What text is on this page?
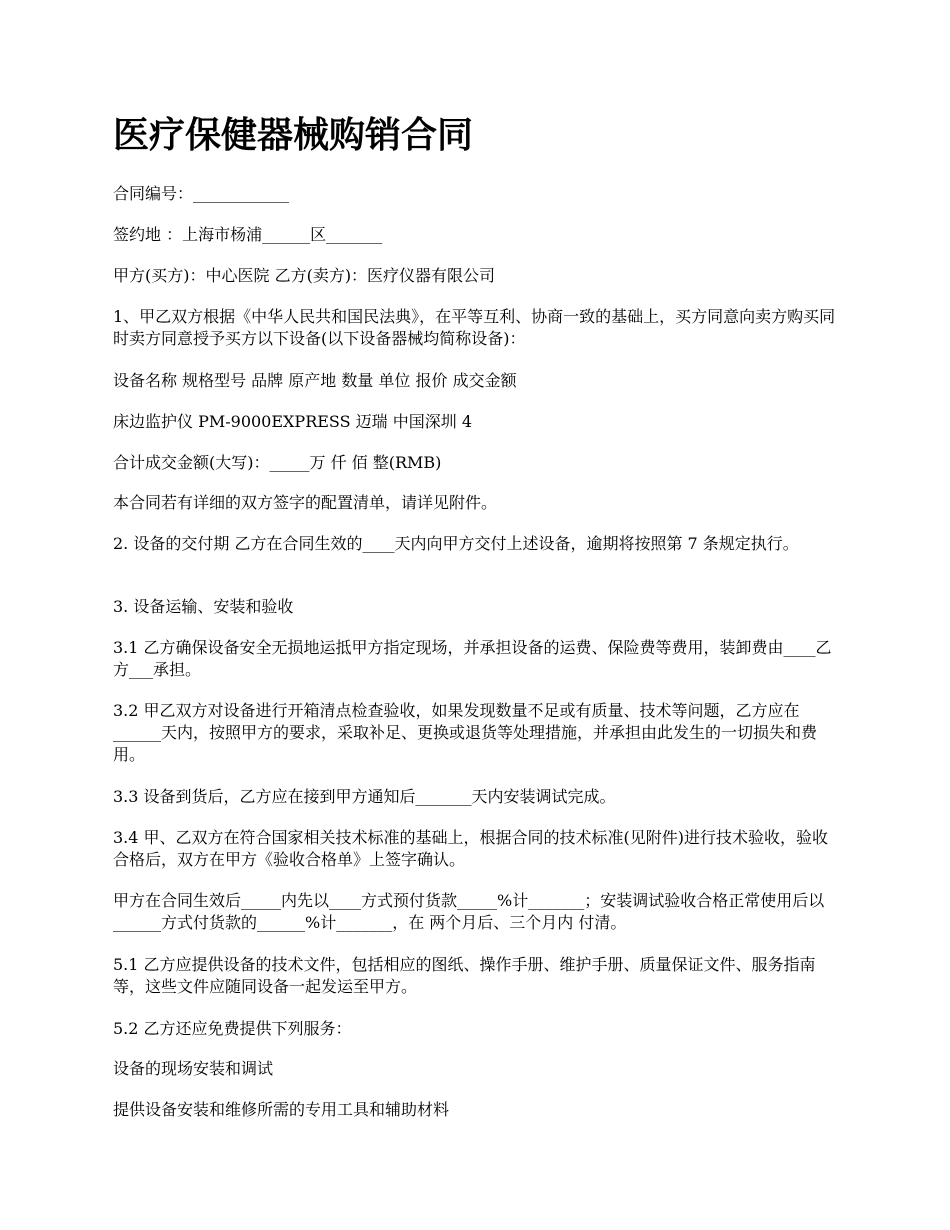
医疗保健器械购销合同

合同编号：____________

签约地 ：上海市杨浦______区_______

甲方(买方)：中心医院 乙方(卖方)：医疗仪器有限公司

1、甲乙双方根据《中华人民共和国民法典》，在平等互利、协商一致的基础上，买方同意向卖方购买同时卖方同意授予买方以下设备(以下设备器械均简称设备)：

设备名称 规格型号 品牌 原产地 数量 单位 报价 成交金额

床边监护仪 PM-9000EXPRESS 迈瑞 中国深圳 4

合计成交金额(大写)：_____万 仟 佰 整(RMB)

本合同若有详细的双方签字的配置清单，请详见附件。

2. 设备的交付期 乙方在合同生效的____天内向甲方交付上述设备，逾期将按照第 7 条规定执行。

3. 设备运输、安装和验收

3.1 乙方确保设备安全无损地运抵甲方指定现场，并承担设备的运费、保险费等费用，装卸费由____乙方___承担。

3.2 甲乙双方对设备进行开箱清点检查验收，如果发现数量不足或有质量、技术等问题，乙方应在______天内，按照甲方的要求，采取补足、更换或退货等处理措施，并承担由此发生的一切损失和费用。

3.3 设备到货后，乙方应在接到甲方通知后_______天内安装调试完成。

3.4 甲、乙双方在符合国家相关技术标准的基础上，根据合同的技术标准(见附件)进行技术验收，验收合格后，双方在甲方《验收合格单》上签字确认。

甲方在合同生效后_____内先以____方式预付货款_____%计_______；安装调试验收合格正常使用后以______方式付货款的______%计_______，在 两个月后、三个月内 付清。

5.1 乙方应提供设备的技术文件，包括相应的图纸、操作手册、维护手册、质量保证文件、服务指南等，这些文件应随同设备一起发运至甲方。

5.2 乙方还应免费提供下列服务：

设备的现场安装和调试

提供设备安装和维修所需的专用工具和辅助材料
